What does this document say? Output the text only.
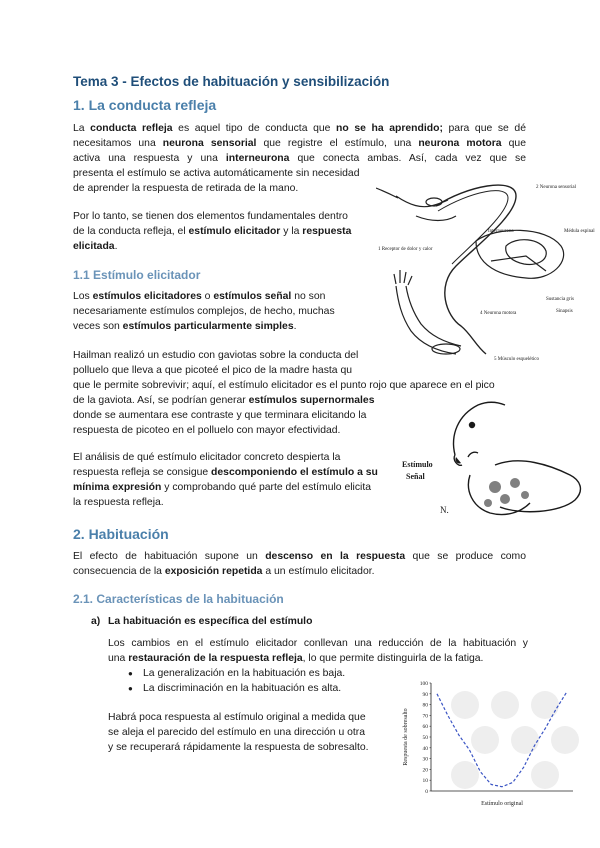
Tema 3 - Efectos de habituación y sensibilización
1. La conducta refleja
La conducta refleja es aquel tipo de conducta que no se ha aprendido; para que se dé
necesitamos una neurona sensorial que registre el estímulo, una neurona motora que
activa una respuesta y una interneurona que conecta ambas. Así, cada vez que se
presenta el estímulo se activa automáticamente sin necesidad
de aprender la respuesta de retirada de la mano.
Por lo tanto, se tienen dos elementos fundamentales dentro
de la conducta refleja, el estímulo elicitador y la respuesta
elicitada.
1.1 Estímulo elicitador
Los estímulos elicitadores o estímulos señal no son
necesariamente estímulos complejos, de hecho, muchas
veces son estímulos particularmente simples.
Hailman realizó un estudio con gaviotas sobre la conducta del
polluelo que lleva a que picoteé el pico de la madre hasta qu
que le permite sobrevivir; aquí, el estímulo elicitador es el punto rojo que aparece en el pico
de la gaviota. Así, se podrían generar estímulos supernormales
donde se aumentara ese contraste y que terminara elicitando la
respuesta de picoteo en el polluelo con mayor efectividad.
El análisis de qué estímulo elicitador concreto despierta la
respuesta refleja se consigue descomponiendo el estímulo a su
mínima expresión y comprobando qué parte del estímulo elicita
la respuesta refleja.
2. Habituación
El efecto de habituación supone un descenso en la respuesta que se produce como
consecuencia de la exposición repetida a un estímulo elicitador.
2.1. Características de la habituación
a) La habituación es específica del estímulo
Los cambios en el estímulo elicitador conllevan una reducción de la habituación y
una restauración de la respuesta refleja, lo que permite distinguirla de la fatiga.
● La generalización en la habituación es baja.
● La discriminación en la habituación es alta.
Habrá poca respuesta al estímulo original a medida que
se aleja el parecido del estímulo en una dirección u otra
y se recuperará rápidamente la respuesta de sobresalto.
2 Neurona sensorial
Interneurona	Médula espinal
Sustancia gris
Sinapsis
1 Receptor de dolor y calor
4 Neurona motora
5 Músculo esquelético
Estímulo
Señal
N.
100
90
80
70
60
50
40
30
20
10
0
Estímulo original
Respuesta de sobresalto
